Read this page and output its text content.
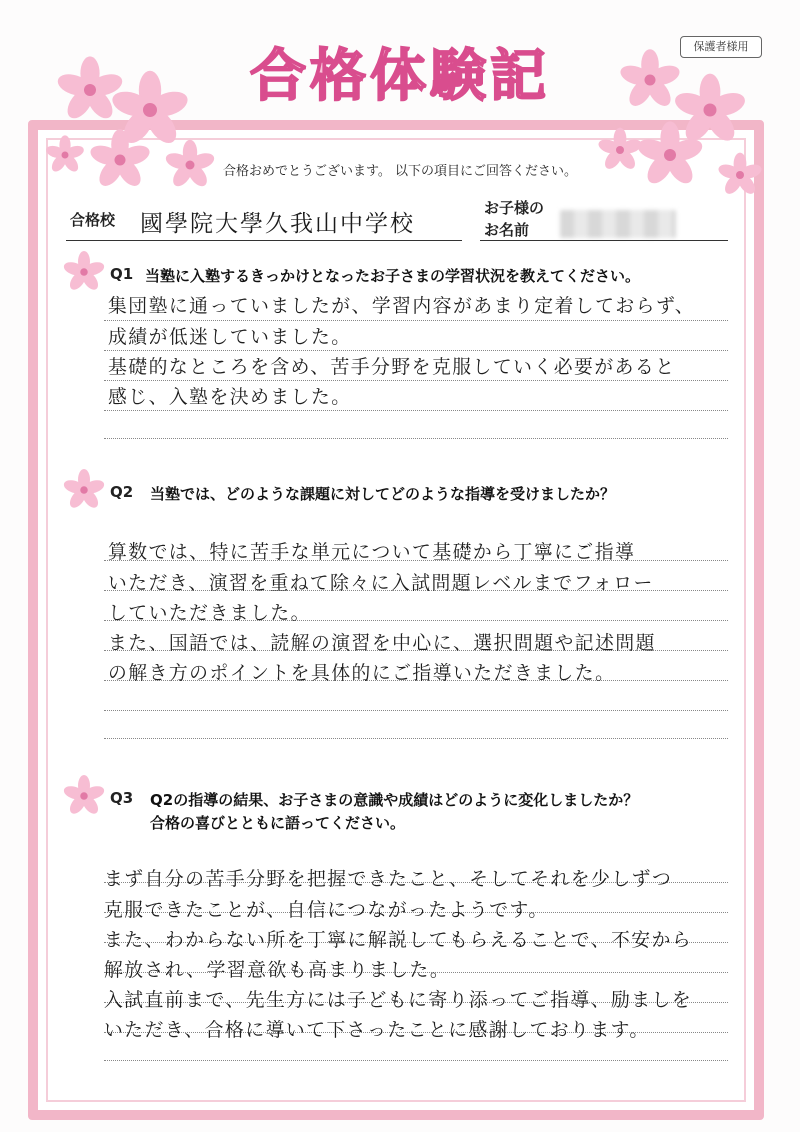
保護者様用
合格体験記
合格おめでとうございます。 以下の項目にご回答ください。
合格校 國學院大學久我山中学校
お子様の
お名前
Q1 当塾に入塾するきっかけとなったお子さまの学習状況を教えてください。
集団塾に通っていましたが、学習内容があまり定着しておらず、
成績が低迷していました。
基礎的なところを含め、苦手分野を克服していく必要があると
感じ、入塾を決めました。
Q2 当塾では、どのような課題に対してどのような指導を受けましたか？
算数では、特に苦手な単元について基礎から丁寧にご指導
いただき、演習を重ねて除々に入試問題レベルまでフォロー
していただきました。
また、国語では、読解の演習を中心に、選択問題や記述問題
の解き方のポイントを具体的にご指導いただきました。
Q3 Q2の指導の結果、お子さまの意識や成績はどのように変化しましたか？
合格の喜びとともに語ってください。
まず自分の苦手分野を把握できたこと、そしてそれを少しずつ
克服できたことが、自信につながったようです。
また、わからない所を丁寧に解説してもらえることで、不安から
解放され、学習意欲も高まりました。
入試直前まで、先生方には子どもに寄り添ってご指導、励ましを
いただき、合格に導いて下さったことに感謝しております。
